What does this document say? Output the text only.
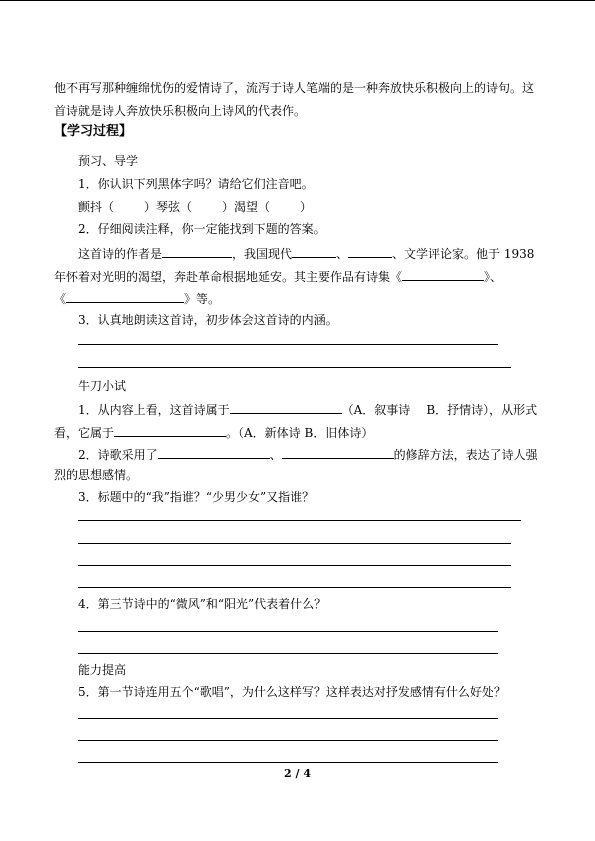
他不再写那种缠绵忧伤的爱情诗了，流泻于诗人笔端的是一种奔放快乐积极向上的诗句。这
首诗就是诗人奔放快乐积极向上诗风的代表作。
【学习过程】
预习、导学
1．你认识下列黑体字吗？请给它们注音吧。
颤抖（	）琴弦（	）渴望（	）
2．仔细阅读注释，你一定能找到下题的答案。
这首诗的作者是	，我国现代	、	、文学评论家。他于 1938
年怀着对光明的渴望，奔赴革命根据地延安。其主要作品有诗集《	》、
《	》等。
3．认真地朗读这首诗，初步体会这首诗的内涵。
牛刀小试
1．从内容上看，这首诗属于	（A．叙事诗 B．抒情诗），从形式
看，它属于	。（A．新体诗 B．旧体诗）
2．诗歌采用了	、	的修辞方法，表达了诗人强
烈的思想感情。
3．标题中的“我”指谁？“少男少女”又指谁？
4．第三节诗中的“微风”和“阳光”代表着什么？
能力提高
5．第一节诗连用五个“歌唱”，为什么这样写？这样表达对抒发感情有什么好处？
2 / 4
